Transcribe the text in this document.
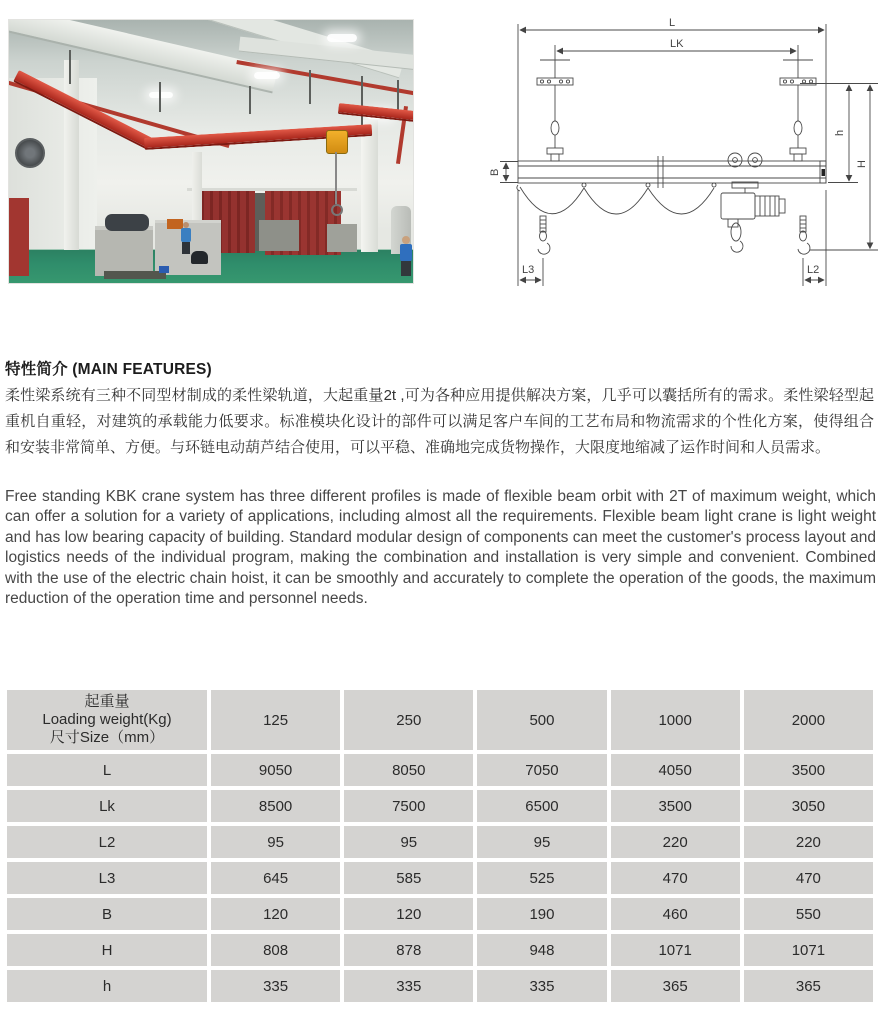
L
LK
B
h
H
L3	L2
特性简介 (MAIN FEATURES)
柔性梁系统有三种不同型材制成的柔性梁轨道，大起重量2t ,可为各种应用提供解决方案，几乎可以囊括所有的需求。柔性梁轻型起重机自重轻，对建筑的承载能力低要求。标准模块化设计的部件可以满足客户车间的工艺布局和物流需求的个性化方案，使得组合和安装非常简单、方便。与环链电动葫芦结合使用，可以平稳、准确地完成货物操作，大限度地缩减了运作时间和人员需求。
Free standing KBK crane system has three different profiles is made of flexible beam orbit with 2T of maximum weight, which can offer a solution for a variety of applications, including almost all the requirements. Flexible beam light crane is light weight and has low bearing capacity of building. Standard modular design of components can meet the customer's process layout and logistics needs of the individual program, making the combination and installation is very simple and convenient. Combined with the use of the electric chain hoist, it can be smoothly and accurately to complete the operation of the goods, the maximum reduction of the operation time and personnel needs.
起重量
Loading weight(Kg)
尺寸Size（mm）	125	250	500	1000	2000
L	9050	8050	7050	4050	3500
Lk	8500	7500	6500	3500	3050
L2	95	95	95	220	220
L3	645	585	525	470	470
B	120	120	190	460	550
H	808	878	948	1071	1071
h	335	335	335	365	365
